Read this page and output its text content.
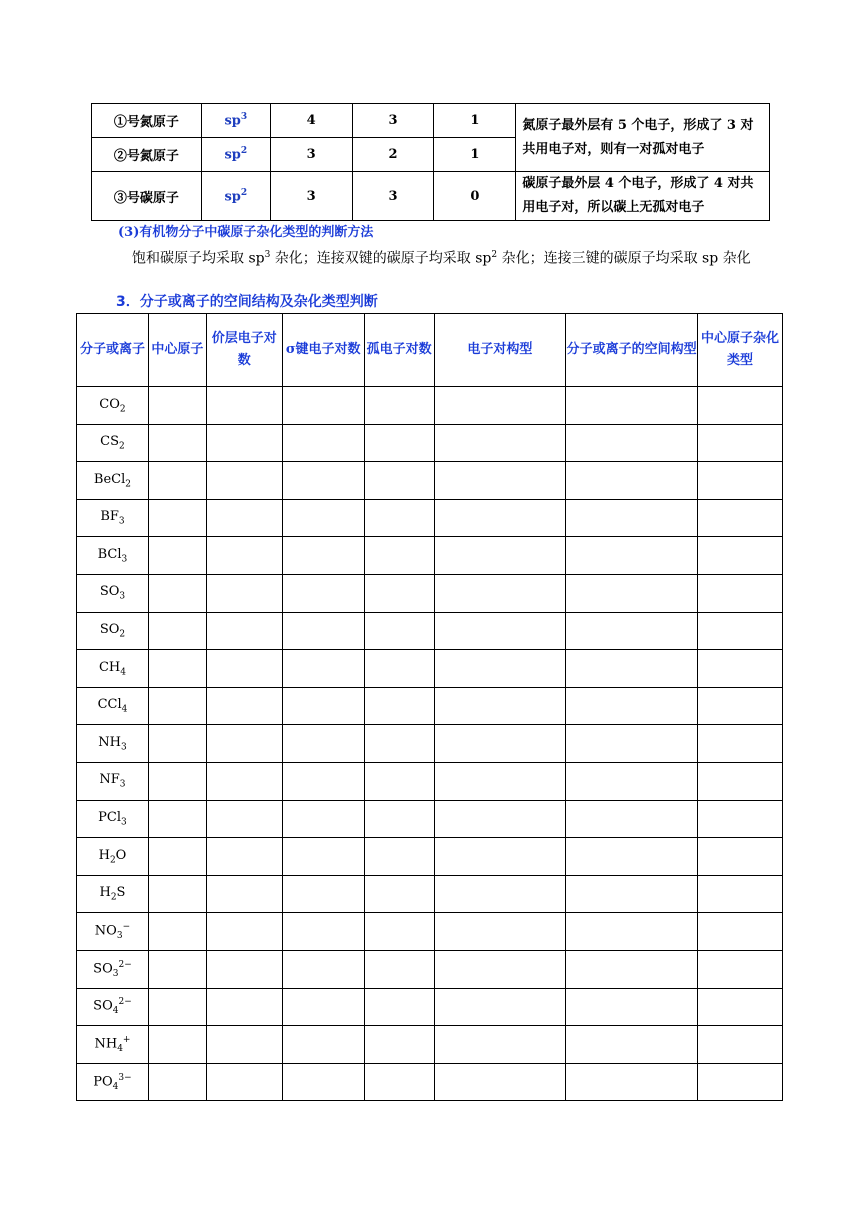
①号氮原子	$sp^3$	4	3	1	氮原子最外层有 5 个电子，形成了 3 对共用电子对，则有一对孤对电子
②号氮原子	$sp^2$	3	2	1	
③号碳原子	$sp^2$	3	3	0	碳原子最外层 4 个电子，形成了 4 对共用电子对，所以碳上无孤对电子
(3)有机物分子中碳原子杂化类型的判断方法
饱和碳原子均采取 $sp^3$ 杂化；连接双键的碳原子均采取 $sp^2$ 杂化；连接三键的碳原子均采取 sp 杂化
3．分子或离子的空间结构及杂化类型判断
分子或离子	中心原子	价层电子对数	σ键电子对数	孤电子对数	电子对构型	分子或离子的空间构型	中心原子杂化类型
$CO_2$							
$CS_2$							
BeCl$_2$							
$BF_3$							
BCl$_3$							
$SO_3$							
$SO_2$							
$CH_4$							
CCl$_4$							
$NH_3$							
$NF_3$							
PCl$_3$							
$H_2O$							
$H_2S$							
$NO_3^-$							
$SO_3^{2-}$							
$SO_4^{2-}$							
$NH_4^+$							
$PO_4^{3-}$							
